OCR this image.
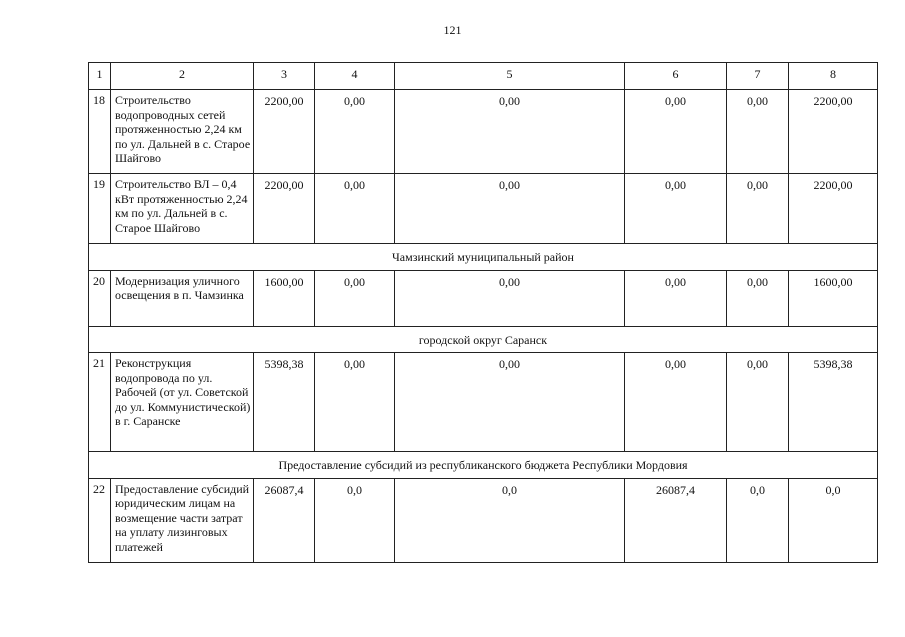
121
1	2	3	4	5	6	7	8
18	Строительство водопроводных сетей протяженностью 2,24 км по ул. Дальней в с. Старое Шайгово	2200,00	0,00	0,00	0,00	0,00	2200,00
19	Строительство ВЛ – 0,4 кВт протяженностью 2,24 км по ул. Дальней в с. Старое Шайгово	2200,00	0,00	0,00	0,00	0,00	2200,00
Чамзинский муниципальный район							
20	Модернизация уличного освещения в п. Чамзинка	1600,00	0,00	0,00	0,00	0,00	1600,00
городской округ Саранск							
21	Реконструкция водопровода по ул. Рабочей (от ул. Советской до ул. Коммунистической) в г. Саранске	5398,38	0,00	0,00	0,00	0,00	5398,38
Предоставление субсидий из республиканского бюджета Республики Мордовия							
22	Предоставление субсидий юридическим лицам на возмещение части затрат на уплату лизинговых платежей	26087,4	0,0	0,0	26087,4	0,0	0,0
